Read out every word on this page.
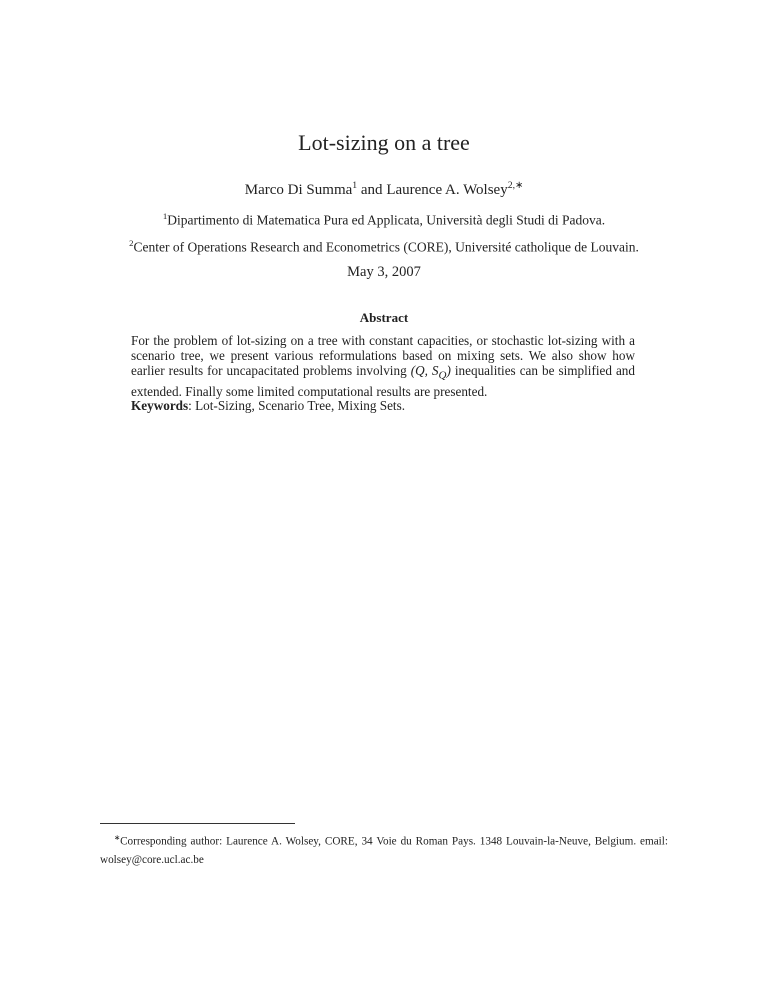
Lot-sizing on a tree
Marco Di Summa$^1$ and Laurence A. Wolsey$^{2,∗}$
$^1$Dipartimento di Matematica Pura ed Applicata, Università degli Studi di Padova.
$^2$Center of Operations Research and Econometrics (CORE), Université catholique de Louvain.
May 3, 2007
Abstract
For the problem of lot-sizing on a tree with constant capacities, or stochastic lot-sizing with a scenario tree, we present various reformulations based on mixing sets. We also show how earlier results for uncapacitated problems involving (Q, $S_Q$) inequalities can be simplified and extended. Finally some limited computational results are presented.
Keywords: Lot-Sizing, Scenario Tree, Mixing Sets.
∗Corresponding author: Laurence A. Wolsey, CORE, 34 Voie du Roman Pays. 1348 Louvain-la-Neuve, Belgium. email: wolsey@core.ucl.ac.be
